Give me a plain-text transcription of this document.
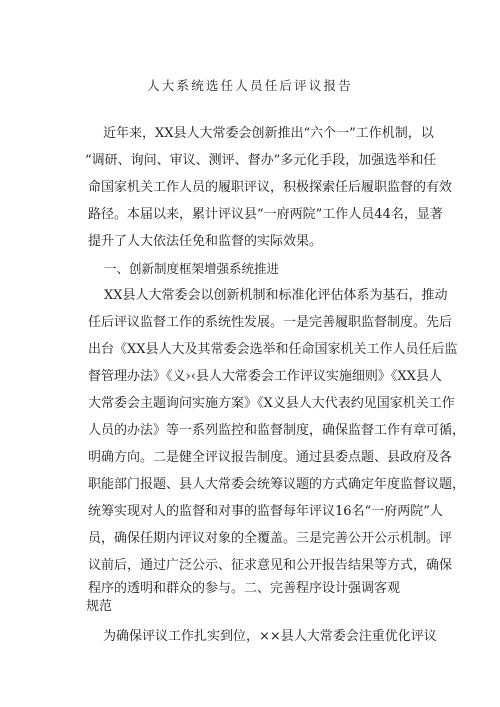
人大系统选任人员任后评议报告
近年来，XX县人大常委会创新推出“六个一”工作机制，以
“调研、询问、审议、测评、督办”多元化手段，加强选举和任
命国家机关工作人员的履职评议，积极探索任后履职监督的有效
路径。本届以来，累计评议县“一府两院”工作人员44名，显著
提升了人大依法任免和监督的实际效果。
一、创新制度框架增强系统推进
XX县人大常委会以创新机制和标准化评估体系为基石，推动
任后评议监督工作的系统性发展。一是完善履职监督制度。先后
出台《XX县人大及其常委会选举和任命国家机关工作人员任后监
督管理办法》《义›‹县人大常委会工作评议实施细则》《XX县人
大常委会主题询问实施方案》《X义县人大代表约见国家机关工作
人员的办法》等一系列监控和监督制度，确保监督工作有章可循，
明确方向。二是健全评议报告制度。通过县委点题、县政府及各
职能部门报题、县人大常委会统筹议题的方式确定年度监督议题，
统筹实现对人的监督和对事的监督每年评议16名“一府两院”人
员，确保任期内评议对象的全覆盖。三是完善公开公示机制。评
议前后，通过广泛公示、征求意见和公开报告结果等方式，确保
程序的透明和群众的参与。二、完善程序设计强调客观
规范
为确保评议工作扎实到位，××县人大常委会注重优化评议
